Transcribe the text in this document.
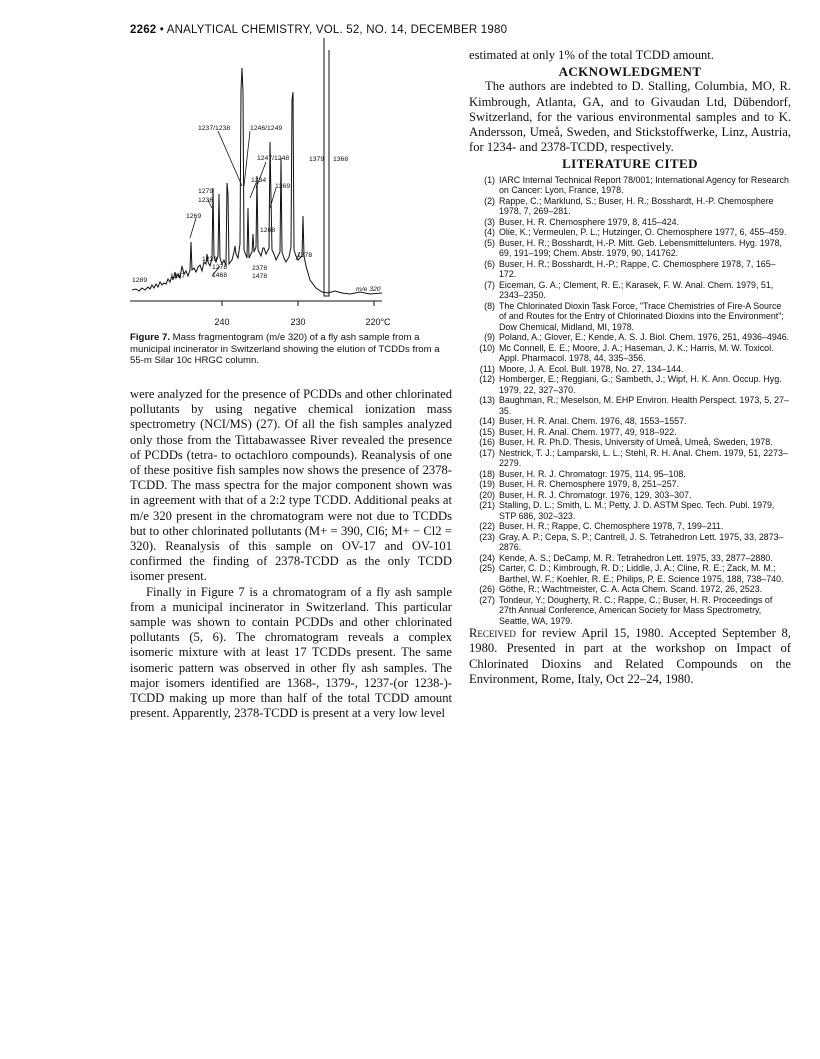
2262 • ANALYTICAL CHEMISTRY, VOL. 52, NO. 14, DECEMBER 1980
1237/1238	1246/1249
1247/1248	1379 1368
1234
1369
1279
1236
1269
1268
1239
1278
1468
2378
1478
1378
1289
1267
m/e 320
240	230	220°C
Figure 7. Mass fragmentogram (m/e 320) of a fly ash sample from a municipal incinerator in Switzerland showing the elution of TCDDs from a 55-m Silar 10c HRGC column.

were analyzed for the presence of PCDDs and other chlorinated pollutants by using negative chemical ionization mass spectrometry (NCI/MS) (27). Of all the fish samples analyzed only those from the Tittabawassee River revealed the presence of PCDDs (tetra- to octachloro compounds). Reanalysis of one of these positive fish samples now shows the presence of 2378-TCDD. The mass spectra for the major component shown was in agreement with that of a 2:2 type TCDD. Additional peaks at m/e 320 present in the chromatogram were not due to TCDDs but to other chlorinated pollutants (M+ = 390, Cl6; M+ − Cl2 = 320). Reanalysis of this sample on OV-17 and OV-101 confirmed the finding of 2378-TCDD as the only TCDD isomer present.

Finally in Figure 7 is a chromatogram of a fly ash sample from a municipal incinerator in Switzerland. This particular sample was shown to contain PCDDs and other chlorinated pollutants (5, 6). The chromatogram reveals a complex isomeric mixture with at least 17 TCDDs present. The same isomeric pattern was observed in other fly ash samples. The major isomers identified are 1368-, 1379-, 1237-(or 1238-)-TCDD making up more than half of the total TCDD amount present. Apparently, 2378-TCDD is present at a very low level

estimated at only 1% of the total TCDD amount.

ACKNOWLEDGMENT

The authors are indebted to D. Stalling, Columbia, MO, R. Kimbrough, Atlanta, GA, and to Givaudan Ltd, Dübendorf, Switzerland, for the various environmental samples and to K. Andersson, Umeå, Sweden, and Stickstoffwerke, Linz, Austria, for 1234- and 2378-TCDD, respectively.

LITERATURE CITED
(1) IARC Internal Technical Report 78/001; International Agency for Research on Cancer: Lyon, France, 1978.
(2) Rappe, C.; Marklund, S.; Buser, H. R.; Bosshardt, H.-P. Chemosphere 1978, 7, 269–281.
(3) Buser, H. R. Chemosphere 1979, 8, 415–424.
(4) Olie, K.; Vermeulen, P. L.; Hutzinger, O. Chemosphere 1977, 6, 455–459.
(5) Buser, H. R.; Bosshardt, H.-P. Mitt. Geb. Lebensmittelunters. Hyg. 1978, 69, 191–199; Chem. Abstr. 1979, 90, 141762.
(6) Buser, H. R.; Bosshardt, H.-P.; Rappe, C. Chemosphere 1978, 7, 165–172.
(7) Eiceman, G. A.; Clement, R. E.; Karasek, F. W. Anal. Chem. 1979, 51, 2343–2350.
(8) The Chlorinated Dioxin Task Force, "Trace Chemistries of Fire-A Source of and Routes for the Entry of Chlorinated Dioxins into the Environment"; Dow Chemical, Midland, MI, 1978.
(9) Poland, A.; Glover, E.; Kende, A. S. J. Biol. Chem. 1976, 251, 4936–4946.
(10) Mc Connell, E. E.; Moore, J. A.; Haseman, J. K.; Harris, M. W. Toxicol. Appl. Pharmacol. 1978, 44, 335–356.
(11) Moore, J. A. Ecol. Bull. 1978, No. 27, 134–144.
(12) Homberger, E.; Reggiani, G.; Sambeth, J.; Wipf, H. K. Ann. Occup. Hyg. 1979, 22, 327–370.
(13) Baughman, R.; Meselson, M. EHP Environ. Health Perspect. 1973, 5, 27–35.
(14) Buser, H. R. Anal. Chem. 1976, 48, 1553–1557.
(15) Buser, H. R. Anal. Chem. 1977, 49, 918–922.
(16) Buser, H. R. Ph.D. Thesis, University of Umeå, Umeå, Sweden, 1978.
(17) Nestrick, T. J.; Lamparski, L. L.; Stehl, R. H. Anal. Chem. 1979, 51, 2273–2279.
(18) Buser, H. R. J. Chromatogr. 1975, 114, 95–108.
(19) Buser, H. R. Chemosphere 1979, 8, 251–257.
(20) Buser, H. R. J. Chromatogr. 1976, 129, 303–307.
(21) Stalling, D. L.; Smith, L. M.; Petty, J. D. ASTM Spec. Tech. Publ. 1979, STP 686, 302–323.
(22) Buser, H. R.; Rappe, C. Chemosphere 1978, 7, 199–211.
(23) Gray, A. P.; Cepa, S. P.; Cantrell, J. S. Tetrahedron Lett. 1975, 33, 2873–2876.
(24) Kende, A. S.; DeCamp, M. R. Tetrahedron Lett. 1975, 33, 2877–2880.
(25) Carter, C. D.; Kimbrough, R. D.; Liddle, J. A.; Cline, R. E.; Zack, M. M.; Barthel, W. F.; Koehler, R. E.; Philips, P. E. Science 1975, 188, 738–740.
(26) Göthe, R.; Wachtmeister, C. A. Acta Chem. Scand. 1972, 26, 2523.
(27) Tondeur, Y.; Dougherty, R. C.; Rappe, C.; Buser, H. R. Proceedings of 27th Annual Conference, American Society for Mass Spectrometry, Seattle, WA, 1979.

Received for review April 15, 1980. Accepted September 8, 1980. Presented in part at the workshop on Impact of Chlorinated Dioxins and Related Compounds on the Environment, Rome, Italy, Oct 22–24, 1980.
